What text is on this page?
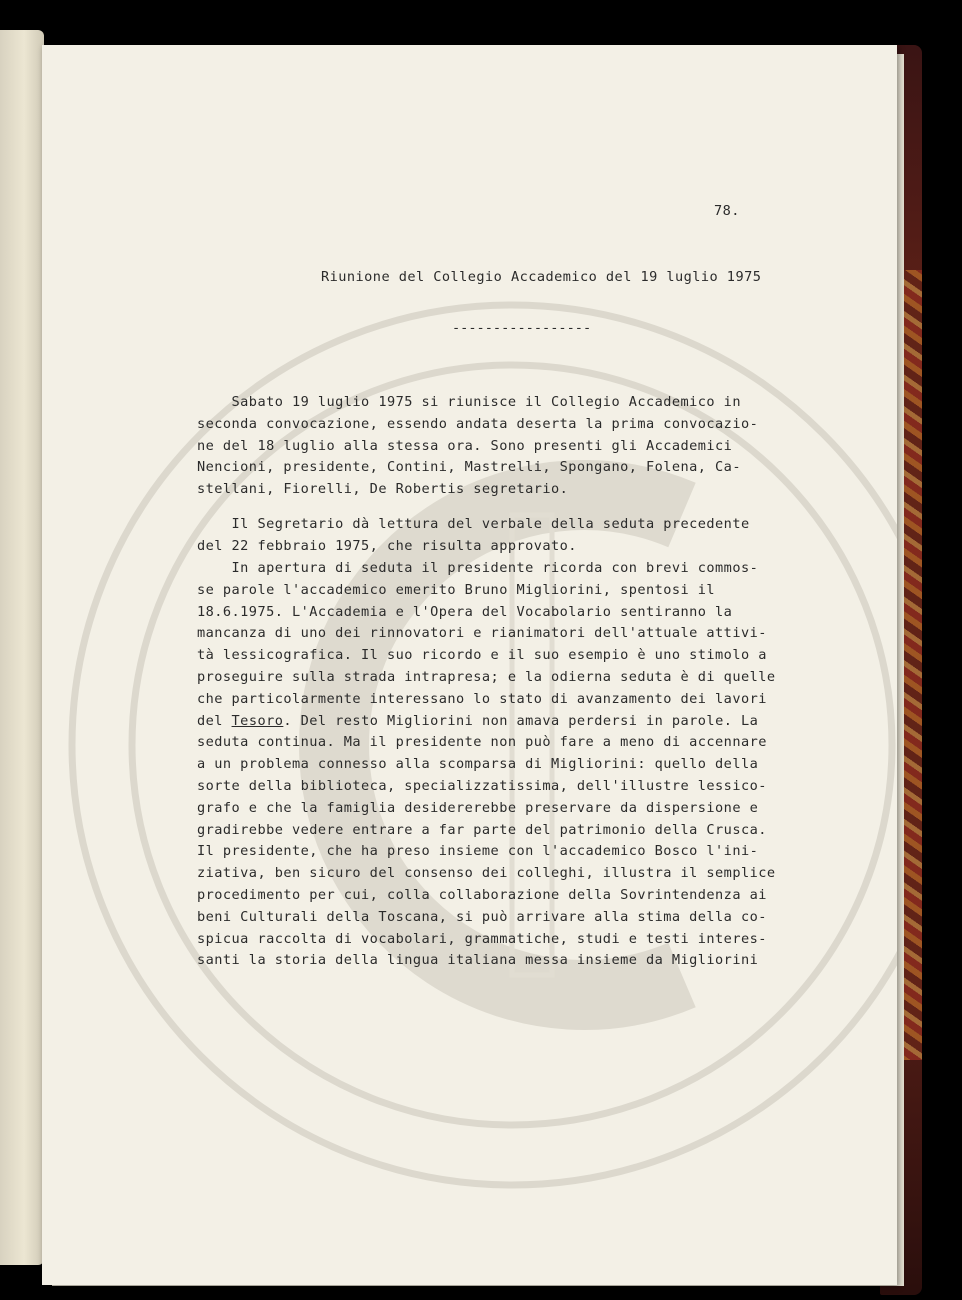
78.
Riunione del Collegio Accademico del 19 luglio 1975
-----------------
Sabato 19 luglio 1975 si riunisce il Collegio Accademico in
seconda convocazione, essendo andata deserta la prima convocazio-
ne del 18 luglio alla stessa ora. Sono presenti gli Accademici
Nencioni, presidente, Contini, Mastrelli, Spongano, Folena, Ca-
stellani, Fiorelli, De Robertis segretario.
Il Segretario dà lettura del verbale della seduta precedente
del 22 febbraio 1975, che risulta approvato.
In apertura di seduta il presidente ricorda con brevi commos-
se parole l'accademico emerito Bruno Migliorini, spentosi il
18.6.1975. L'Accademia e l'Opera del Vocabolario sentiranno la
mancanza di uno dei rinnovatori e rianimatori dell'attuale attivi-
tà lessicografica. Il suo ricordo e il suo esempio è uno stimolo a
proseguire sulla strada intrapresa; e la odierna seduta è di quelle
che particolarmente interessano lo stato di avanzamento dei lavori
del Tesoro. Del resto Migliorini non amava perdersi in parole. La
seduta continua. Ma il presidente non può fare a meno di accennare
a un problema connesso alla scomparsa di Migliorini: quello della
sorte della biblioteca, specializzatissima, dell'illustre lessico-
grafo e che la famiglia desidererebbe preservare da dispersione e
gradirebbe vedere entrare a far parte del patrimonio della Crusca.
Il presidente, che ha preso insieme con l'accademico Bosco l'ini-
ziativa, ben sicuro del consenso dei colleghi, illustra il semplice
procedimento per cui, colla collaborazione della Sovrintendenza ai
beni Culturali della Toscana, si può arrivare alla stima della co-
spicua raccolta di vocabolari, grammatiche, studi e testi interes-
santi la storia della lingua italiana messa insieme da Migliorini
